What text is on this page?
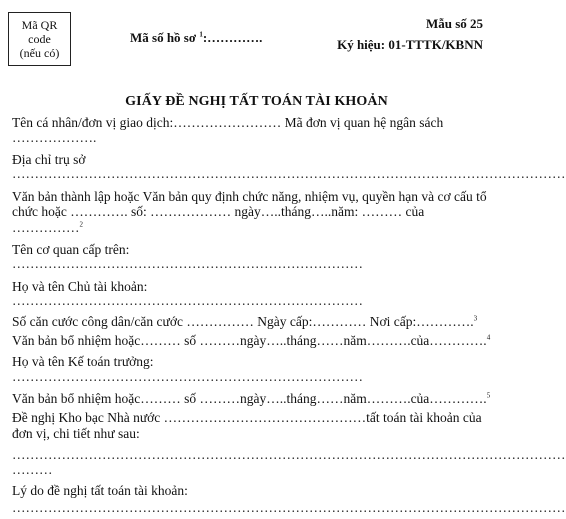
Mã QR
code
(nếu có)
Mã số hồ sơ $^1$:………….
Mẫu số 25
Ký hiệu: 01-TTTK/KBNN
GIẤY ĐỀ NGHỊ TẤT TOÁN TÀI KHOẢN
Tên cá nhân/đơn vị giao dịch:…………………… Mã đơn vị quan hệ ngân sách
……………….
Địa chỉ trụ sở
……………………………………………………………………………………………………………
Văn bản thành lập hoặc Văn bản quy định chức năng, nhiệm vụ, quyền hạn và cơ cấu tổ
chức hoặc …………. số: ……………… ngày…..tháng…..năm: ……… của
……………$^2$
Tên cơ quan cấp trên:
……………………………………………………………………
Họ và tên Chủ tài khoản:
……………………………………………………………………
Số căn cước công dân/căn cước …………… Ngày cấp:………… Nơi cấp:………….$^3$
Văn bản bổ nhiệm hoặc……… số ………ngày…..tháng……năm……….của………….$^4$
Họ và tên Kế toán trưởng:
……………………………………………………………………
Văn bản bổ nhiệm hoặc……… số ………ngày…..tháng……năm……….của………….$^5$
Đề nghị Kho bạc Nhà nước ………………………………………tất toán tài khoản của
đơn vị, chi tiết như sau:
……………………………………………………………………………………………………………
………
Lý do đề nghị tất toán tài khoản:
……………………………………………………………………………………………………………
